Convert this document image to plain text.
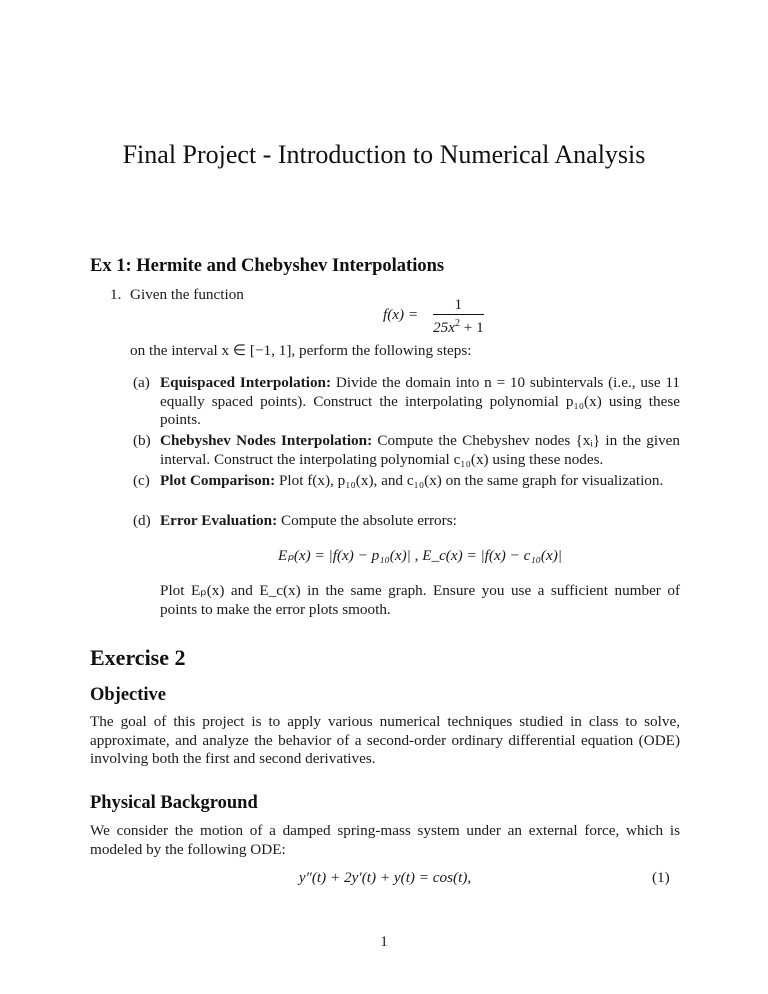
Final Project - Introduction to Numerical Analysis
Ex 1: Hermite and Chebyshev Interpolations
1. Given the function
$f(x) = \frac{1}{25x^2 + 1}$
on the interval x ∈ [−1, 1], perform the following steps:
(a) Equispaced Interpolation: Divide the domain into n = 10 subintervals (i.e., use 11 equally spaced points). Construct the interpolating polynomial p₁₀(x) using these points.
(b) Chebyshev Nodes Interpolation: Compute the Chebyshev nodes {xᵢ} in the given interval. Construct the interpolating polynomial c₁₀(x) using these nodes.
(c) Plot Comparison: Plot f(x), p₁₀(x), and c₁₀(x) on the same graph for visualization.
(d) Error Evaluation: Compute the absolute errors:
Eₚ(x) = |f(x) − p₁₀(x)| , E_c(x) = |f(x) − c₁₀(x)|
Plot Eₚ(x) and E_c(x) in the same graph. Ensure you use a sufficient number of points to make the error plots smooth.
Exercise 2
Objective
The goal of this project is to apply various numerical techniques studied in class to solve, approximate, and analyze the behavior of a second-order ordinary differential equation (ODE) involving both the first and second derivatives.
Physical Background
We consider the motion of a damped spring-mass system under an external force, which is modeled by the following ODE:
y″(t) + 2y′(t) + y(t) = cos(t),	(1)
1
